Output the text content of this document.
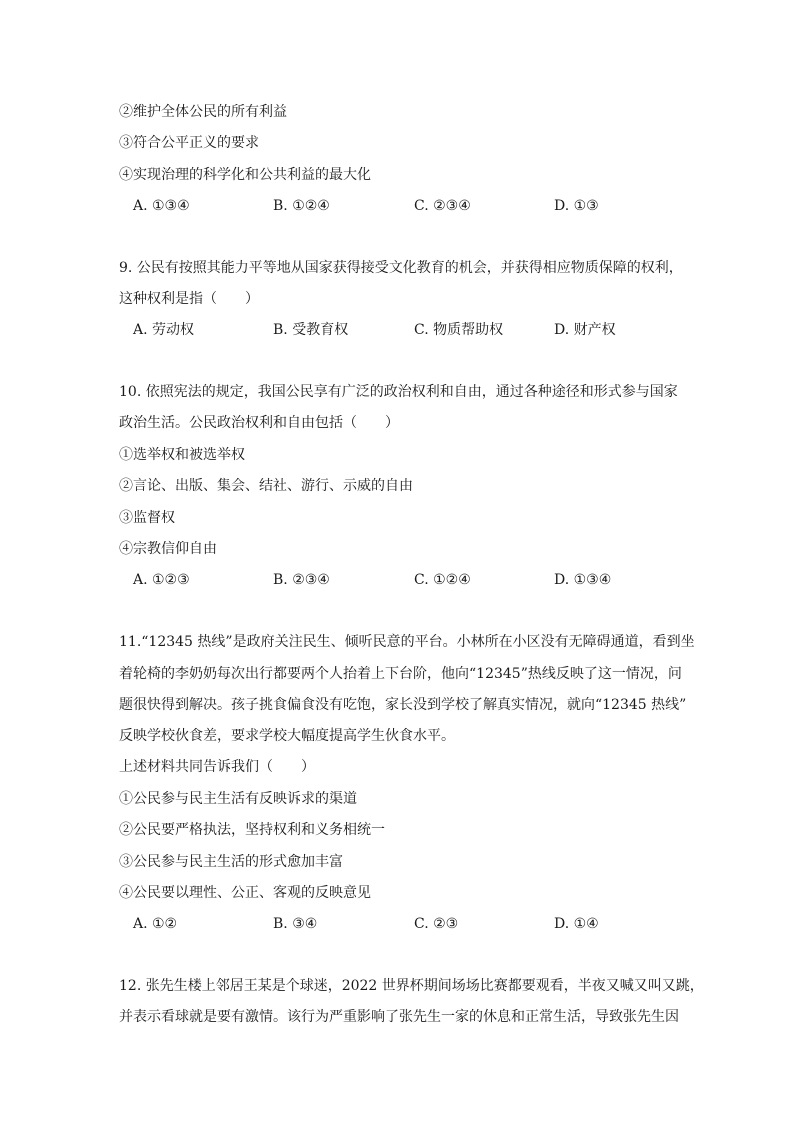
②维护全体公民的所有利益
③符合公平正义的要求
④实现治理的科学化和公共利益的最大化
A. ①③④	B. ①②④	C. ②③④	D. ①③
9. 公民有按照其能力平等地从国家获得接受文化教育的机会，并获得相应物质保障的权利，
这种权利是指（　　）
A. 劳动权	B. 受教育权	C. 物质帮助权	D. 财产权
10. 依照宪法的规定，我国公民享有广泛的政治权利和自由，通过各种途径和形式参与国家
政治生活。公民政治权利和自由包括（　　）
①选举权和被选举权
②言论、出版、集会、结社、游行、示威的自由
③监督权
④宗教信仰自由
A. ①②③	B. ②③④	C. ①②④	D. ①③④
11.“12345 热线”是政府关注民生、倾听民意的平台。小林所在小区没有无障碍通道，看到坐
着轮椅的李奶奶每次出行都要两个人抬着上下台阶，他向“12345”热线反映了这一情况，问
题很快得到解决。孩子挑食偏食没有吃饱，家长没到学校了解真实情况，就向“12345 热线”
反映学校伙食差，要求学校大幅度提高学生伙食水平。
上述材料共同告诉我们（　　）
①公民参与民主生活有反映诉求的渠道
②公民要严格执法，坚持权利和义务相统一
③公民参与民主生活的形式愈加丰富
④公民要以理性、公正、客观的反映意见
A. ①②	B. ③④	C. ②③	D. ①④
12. 张先生楼上邻居王某是个球迷，2022 世界杯期间场场比赛都要观看，半夜又喊又叫又跳，
并表示看球就是要有激情。该行为严重影响了张先生一家的休息和正常生活，导致张先生因
